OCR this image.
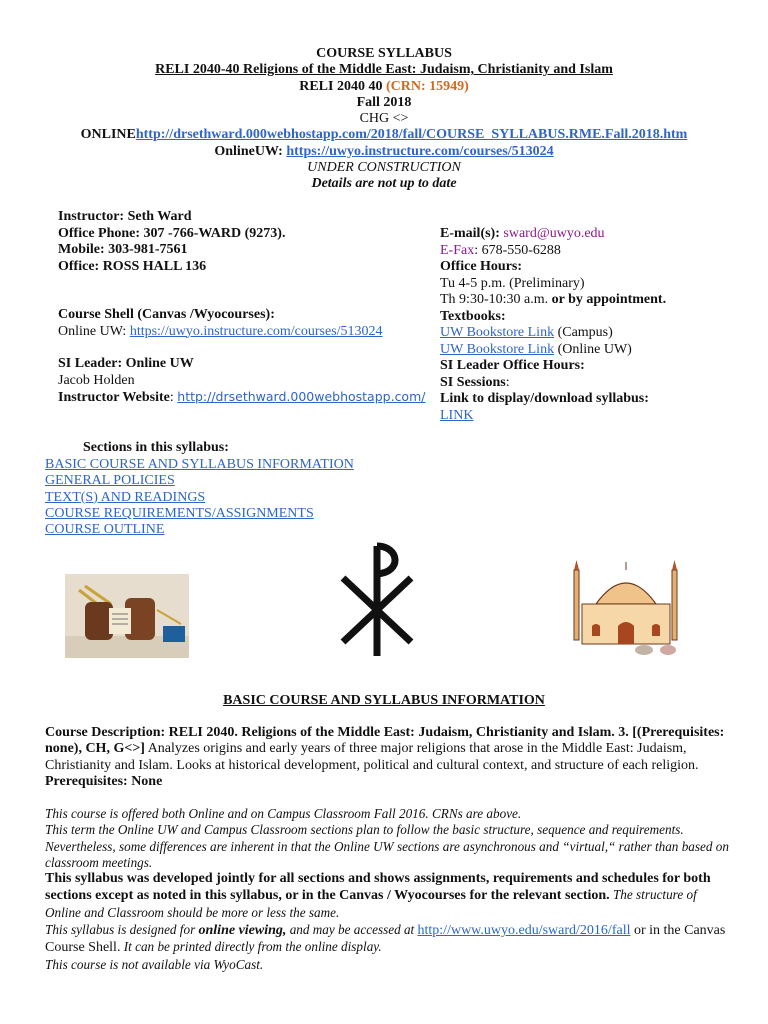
COURSE SYLLABUS
RELI 2040-40 Religions of the Middle East: Judaism, Christianity and Islam
RELI 2040 40 (CRN: 15949)
Fall 2018
CHG <>
ONLINEhttp://drsethward.000webhostapp.com/2018/fall/COURSE_SYLLABUS.RME.Fall.2018.htm
OnlineUW: https://uwyo.instructure.com/courses/513024
UNDER CONSTRUCTION
Details are not up to date
Instructor: Seth Ward
Office Phone: 307 -766-WARD (9273).
Mobile: 303-981-7561
Office: ROSS HALL 136
Course Shell (Canvas /Wyocourses):
Online UW: https://uwyo.instructure.com/courses/513024
SI Leader: Online UW
Jacob Holden
Instructor Website: http://drsethward.000webhostapp.com/
E-mail(s): sward@uwyo.edu
E-Fax: 678-550-6288
Office Hours:
Tu 4-5 p.m. (Preliminary)
Th 9:30-10:30 a.m. or by appointment.
Textbooks:
UW Bookstore Link (Campus)
UW Bookstore Link (Online UW)
SI Leader Office Hours:
SI Sessions:
Link to display/download syllabus:
LINK
Sections in this syllabus:
BASIC COURSE AND SYLLABUS INFORMATION
GENERAL POLICIES
TEXT(S) AND READINGS
COURSE REQUIREMENTS/ASSIGNMENTS
COURSE OUTLINE
BASIC COURSE AND SYLLABUS INFORMATION
Course Description: RELI 2040. Religions of the Middle East: Judaism, Christianity and Islam. 3. [(Prerequisites: none), CH, G<>] Analyzes origins and early years of three major religions that arose in the Middle East: Judaism, Christianity and Islam. Looks at historical development, political and cultural context, and structure of each religion.
Prerequisites: None
This course is offered both Online and on Campus Classroom Fall 2016. CRNs are above.
This term the Online UW and Campus Classroom sections plan to follow the basic structure, sequence and requirements.
Nevertheless, some differences are inherent in that the Online UW sections are asynchronous and “virtual,“ rather than based on classroom meetings.
This syllabus was developed jointly for all sections and shows assignments, requirements and schedules for both sections except as noted in this syllabus, or in the Canvas / Wyocourses for the relevant section. The structure of Online and Classroom should be more or less the same.
This syllabus is designed for online viewing, and may be accessed at http://www.uwyo.edu/sward/2016/fall or in the Canvas Course Shell. It can be printed directly from the online display.
This course is not available via WyoCast.
